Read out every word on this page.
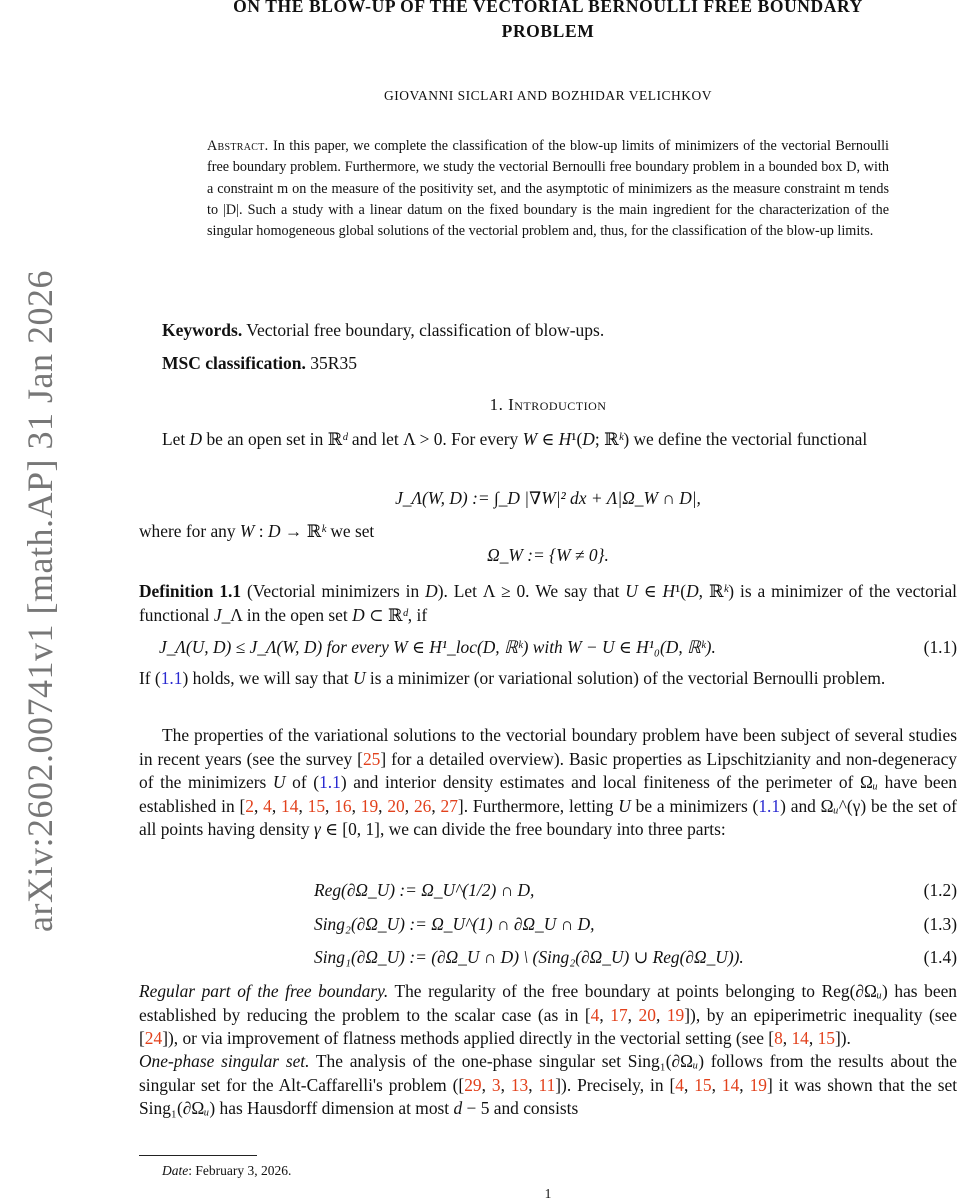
arXiv:2602.00741v1 [math.AP] 31 Jan 2026
ON THE BLOW-UP OF THE VECTORIAL BERNOULLI FREE BOUNDARY
PROBLEM
GIOVANNI SICLARI AND BOZHIDAR VELICHKOV
Abstract. In this paper, we complete the classification of the blow-up limits of minimizers of the vectorial Bernoulli free boundary problem. Furthermore, we study the vectorial Bernoulli free boundary problem in a bounded box D, with a constraint m on the measure of the positivity set, and the asymptotic of minimizers as the measure constraint m tends to |D|. Such a study with a linear datum on the fixed boundary is the main ingredient for the characterization of the singular homogeneous global solutions of the vectorial problem and, thus, for the classification of the blow-up limits.
Keywords. Vectorial free boundary, classification of blow-ups.
MSC classification. 35R35
1. Introduction
Let D be an open set in ℝᵈ and let Λ > 0. For every W ∈ H¹(D; ℝᵏ) we define the vectorial functional
J_Λ(W, D) := ∫_D |∇W|² dx + Λ|Ω_W ∩ D|,
where for any W : D → ℝᵏ we set
Ω_W := {W ≠ 0}.
Definition 1.1 (Vectorial minimizers in D). Let Λ ≥ 0. We say that U ∈ H¹(D, ℝᵏ) is a minimizer of the vectorial functional J_Λ in the open set D ⊂ ℝᵈ, if
J_Λ(U, D) ≤ J_Λ(W, D) for every W ∈ H¹_loc(D, ℝᵏ) with W − U ∈ H¹₀(D, ℝᵏ).	(1.1)
If (1.1) holds, we will say that U is a minimizer (or variational solution) of the vectorial Bernoulli problem.
The properties of the variational solutions to the vectorial boundary problem have been subject of several studies in recent years (see the survey [25] for a detailed overview). Basic properties as Lipschitzianity and non-degeneracy of the minimizers U of (1.1) and interior density estimates and local finiteness of the perimeter of Ωᵤ have been established in [2, 4, 14, 15, 16, 19, 20, 26, 27]. Furthermore, letting U be a minimizers (1.1) and Ωᵤ^(γ) be the set of all points having density γ ∈ [0, 1], we can divide the free boundary into three parts:
Reg(∂Ω_U) := Ω_U^(1/2) ∩ D,	(1.2)
Sing₂(∂Ω_U) := Ω_U^(1) ∩ ∂Ω_U ∩ D,	(1.3)
Sing₁(∂Ω_U) := (∂Ω_U ∩ D) \ (Sing₂(∂Ω_U) ∪ Reg(∂Ω_U)).	(1.4)
Regular part of the free boundary. The regularity of the free boundary at points belonging to Reg(∂Ωᵤ) has been established by reducing the problem to the scalar case (as in [4, 17, 20, 19]), by an epiperimetric inequality (see [24]), or via improvement of flatness methods applied directly in the vectorial setting (see [8, 14, 15]).
One-phase singular set. The analysis of the one-phase singular set Sing₁(∂Ωᵤ) follows from the results about the singular set for the Alt-Caffarelli's problem ([29, 3, 13, 11]). Precisely, in [4, 15, 14, 19] it was shown that the set Sing₁(∂Ωᵤ) has Hausdorff dimension at most d − 5 and consists
Date: February 3, 2026.
1
